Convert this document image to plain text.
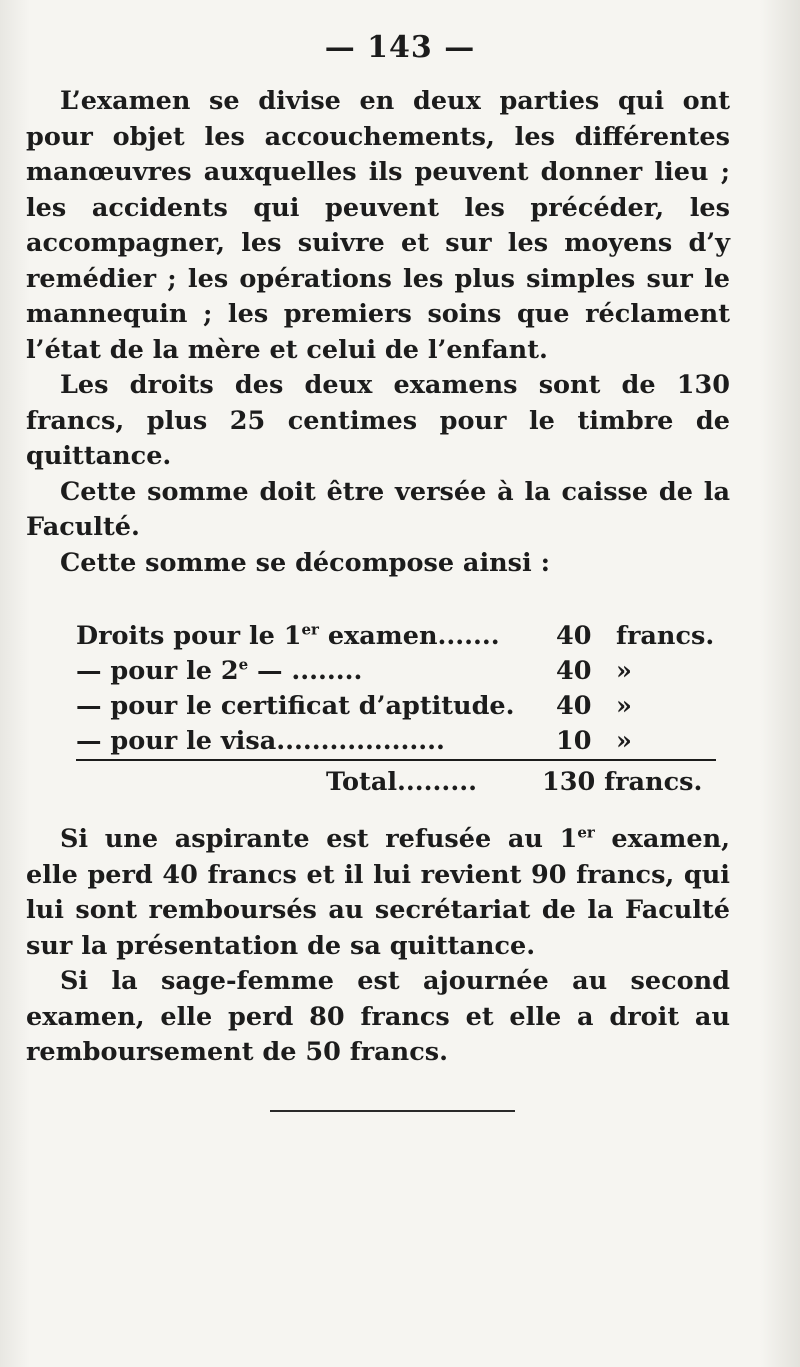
— 143 —

L’examen se divise en deux parties qui ont pour objet les accouchements, les différentes manœuvres auxquelles ils peuvent donner lieu ; les accidents qui peuvent les précéder, les accompagner, les suivre et sur les moyens d’y remédier ; les opérations les plus simples sur le mannequin ; les premiers soins que réclament l’état de la mère et celui de l’enfant.

Les droits des deux examens sont de 130 francs, plus 25 centimes pour le timbre de quittance.

Cette somme doit être versée à la caisse de la Faculté.

Cette somme se décompose ainsi :

Droits pour le 1er examen....... 40 francs.
— pour le 2e — ........	40 »
— pour le certificat d’aptitude. 40 »
— pour le visa...................	10 »
Total.........	130 francs.

Si une aspirante est refusée au 1er examen, elle perd 40 francs et il lui revient 90 francs, qui lui sont remboursés au secrétariat de la Faculté sur la présentation de sa quittance.

Si la sage-femme est ajournée au second examen, elle perd 80 francs et elle a droit au remboursement de 50 francs.
